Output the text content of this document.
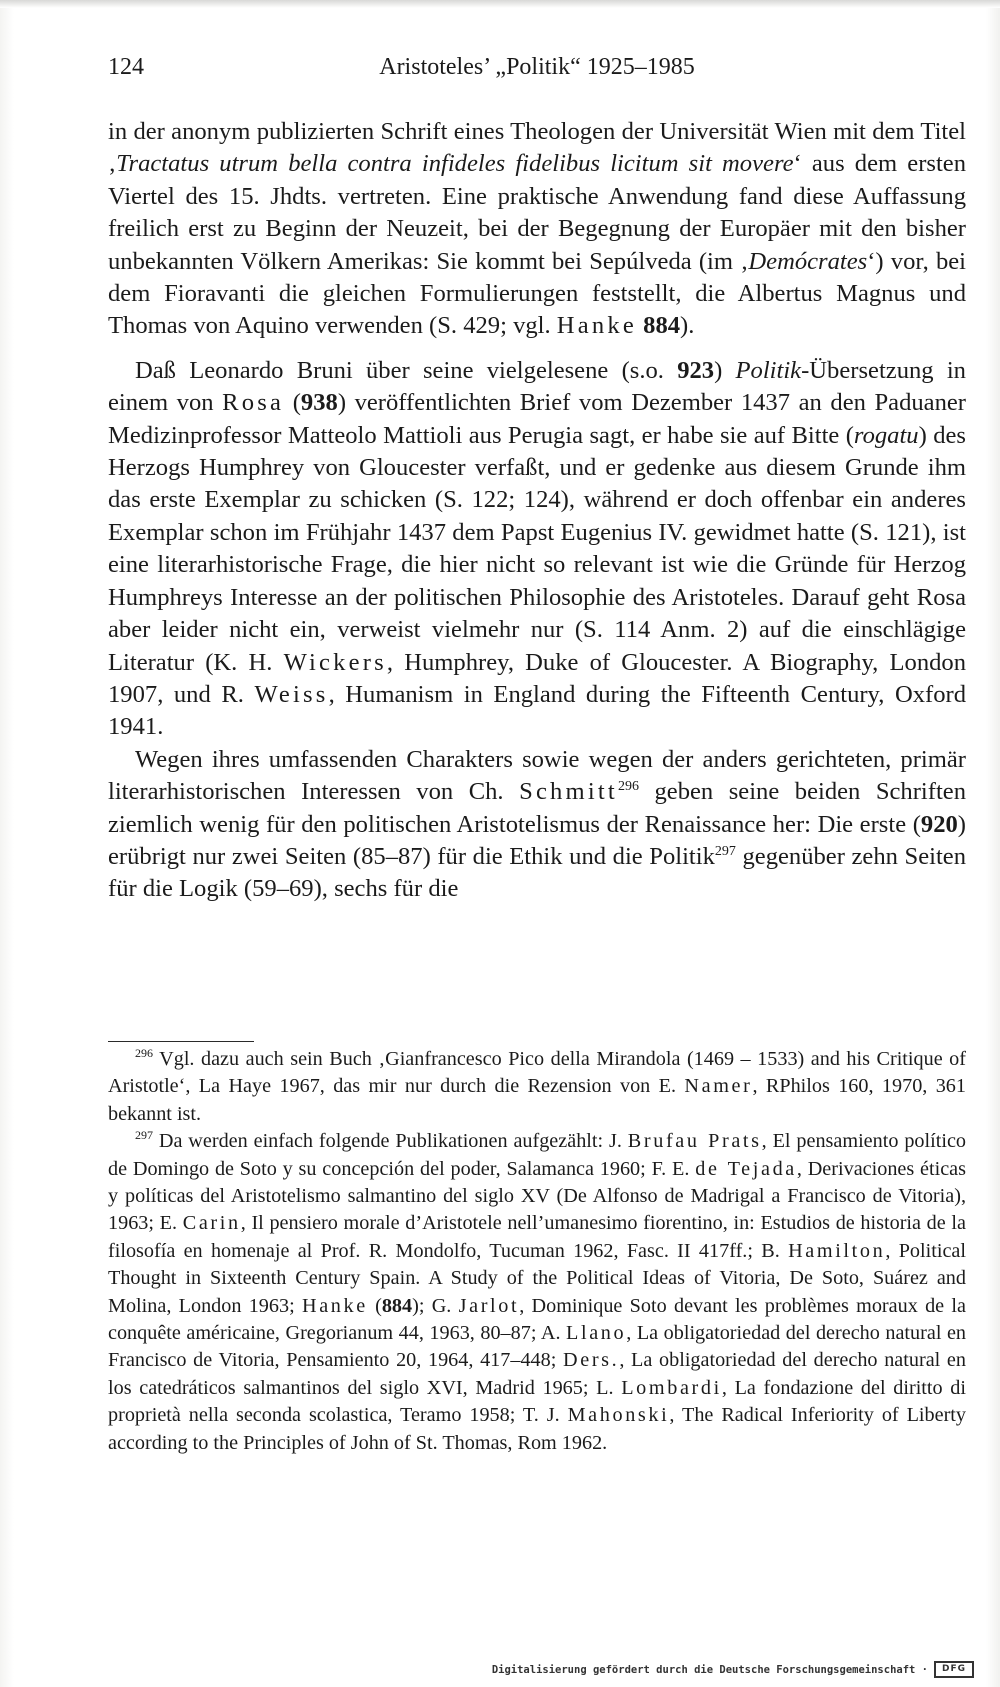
124	Aristoteles’ „Politik“ 1925–1985

in der anonym publizierten Schrift eines Theologen der Universität Wien mit dem Titel ‚Tractatus utrum bella contra infideles fidelibus licitum sit movere‘ aus dem ersten Viertel des 15. Jhdts. vertreten. Eine praktische Anwendung fand diese Auffassung freilich erst zu Beginn der Neuzeit, bei der Begegnung der Europäer mit den bisher unbekannten Völkern Amerikas: Sie kommt bei Sepúlveda (im ‚Demócrates‘) vor, bei dem Fioravanti die gleichen Formulierungen feststellt, die Albertus Magnus und Thomas von Aquino verwenden (S. 429; vgl. Hanke 884).

Daß Leonardo Bruni über seine vielgelesene (s.o. 923) Politik-Übersetzung in einem von Rosa (938) veröffentlichten Brief vom Dezember 1437 an den Paduaner Medizinprofessor Matteolo Mattioli aus Perugia sagt, er habe sie auf Bitte (rogatu) des Herzogs Humphrey von Gloucester verfaßt, und er gedenke aus diesem Grunde ihm das erste Exemplar zu schicken (S. 122; 124), während er doch offenbar ein anderes Exemplar schon im Frühjahr 1437 dem Papst Eugenius IV. gewidmet hatte (S. 121), ist eine literarhistorische Frage, die hier nicht so relevant ist wie die Gründe für Herzog Humphreys Interesse an der politischen Philosophie des Aristoteles. Darauf geht Rosa aber leider nicht ein, verweist vielmehr nur (S. 114 Anm. 2) auf die einschlägige Literatur (K. H. Wickers, Humphrey, Duke of Gloucester. A Biography, London 1907, und R. Weiss, Humanism in England during the Fifteenth Century, Oxford 1941.

Wegen ihres umfassenden Charakters sowie wegen der anders gerichteten, primär literarhistorischen Interessen von Ch. Schmitt$^{296}$ geben seine beiden Schriften ziemlich wenig für den politischen Aristotelismus der Renaissance her: Die erste (920) erübrigt nur zwei Seiten (85–87) für die Ethik und die Politik$^{297}$ gegenüber zehn Seiten für die Logik (59–69), sechs für die

$^{296}$ Vgl. dazu auch sein Buch ‚Gianfrancesco Pico della Mirandola (1469 – 1533) and his Critique of Aristotle‘, La Haye 1967, das mir nur durch die Rezension von E. Namer, RPhilos 160, 1970, 361 bekannt ist.

$^{297}$ Da werden einfach folgende Publikationen aufgezählt: J. Brufau Prats, El pensamiento político de Domingo de Soto y su concepción del poder, Salamanca 1960; F. E. de Tejada, Derivaciones éticas y políticas del Aristotelismo salmantino del siglo XV (De Alfonso de Madrigal a Francisco de Vitoria), 1963; E. Carin, Il pensiero morale d’Aristotele nell’umanesimo fiorentino, in: Estudios de historia de la filosofía en homenaje al Prof. R. Mondolfo, Tucuman 1962, Fasc. II 417ff.; B. Hamilton, Political Thought in Sixteenth Century Spain. A Study of the Political Ideas of Vitoria, De Soto, Suárez and Molina, London 1963; Hanke (884); G. Jarlot, Dominique Soto devant les problèmes moraux de la conquête américaine, Gregorianum 44, 1963, 80–87; A. Llano, La obligatoriedad del derecho natural en Francisco de Vitoria, Pensamiento 20, 1964, 417–448; Ders., La obligatoriedad del derecho natural en los catedráticos salmantinos del siglo XVI, Madrid 1965; L. Lombardi, La fondazione del diritto di proprietà nella seconda scolastica, Teramo 1958; T. J. Mahonski, The Radical Inferiority of Liberty according to the Principles of John of St. Thomas, Rom 1962.

Digitalisierung gefördert durch die Deutsche Forschungsgemeinschaft ·	DFG
